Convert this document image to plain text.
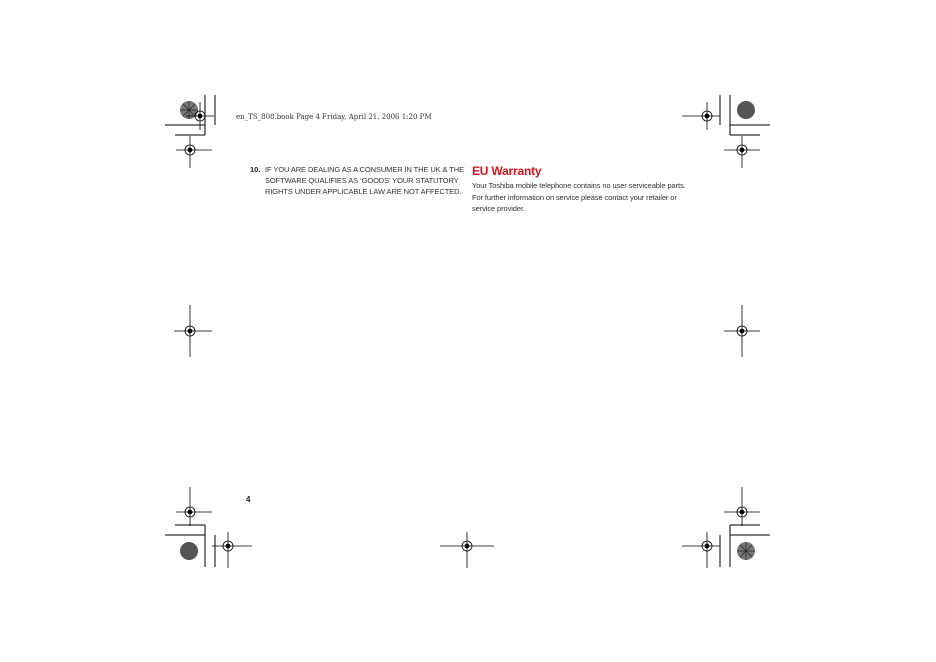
en_TS_808.book Page 4 Friday, April 21, 2006 1:20 PM
10. IF YOU ARE DEALING AS A CONSUMER IN THE UK & THE SOFTWARE QUALIFIES AS ‘GOODS’ YOUR STATUTORY RIGHTS UNDER APPLICABLE LAW ARE NOT AFFECTED.
EU Warranty
Your Toshiba mobile telephone contains no user serviceable parts. For further information on service please contact your retailer or service provider.
4
